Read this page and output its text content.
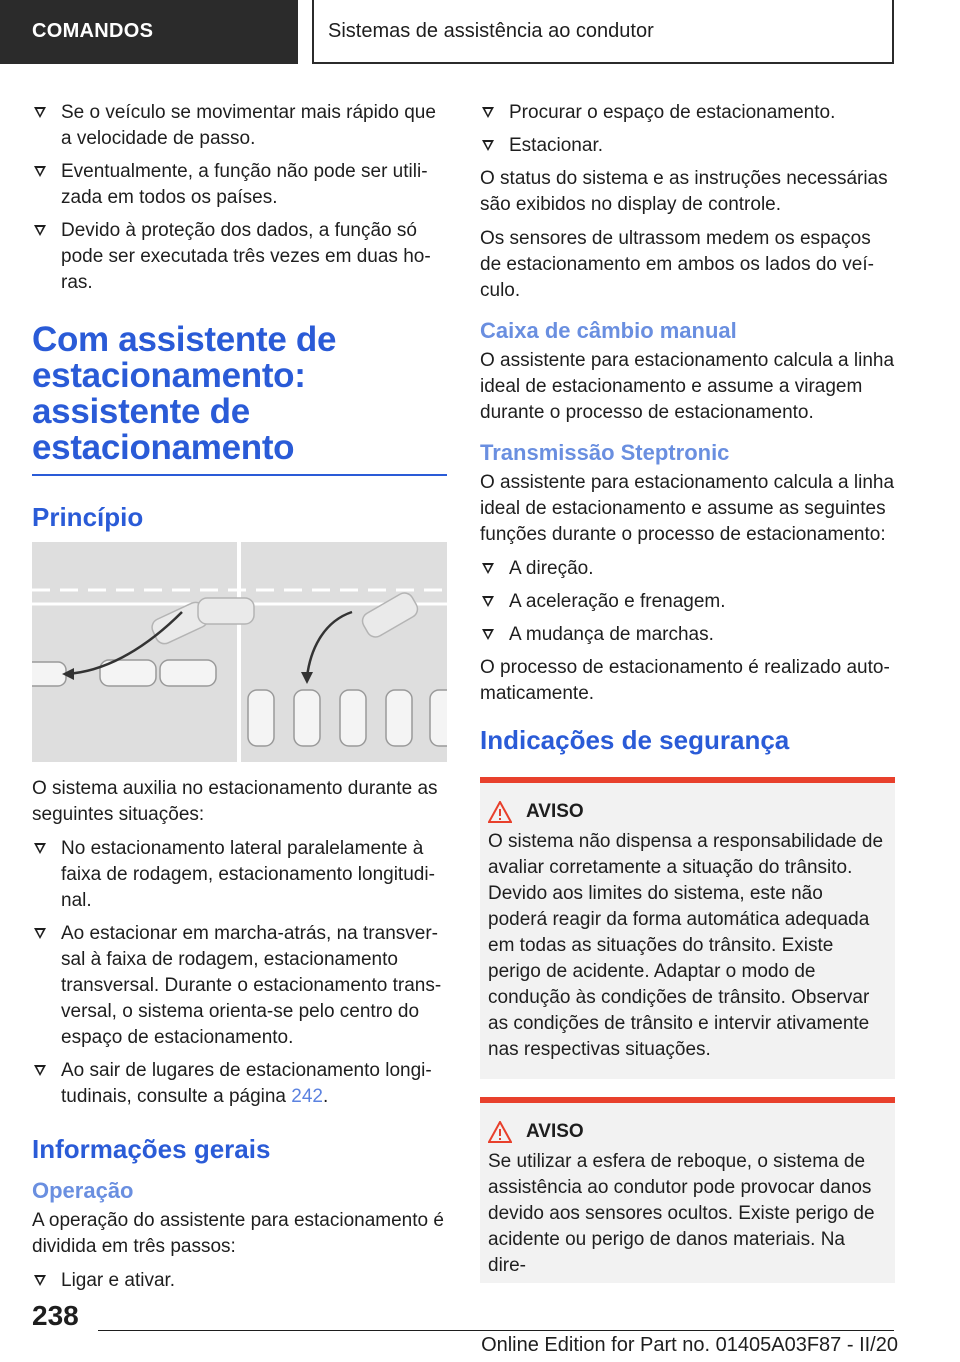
COMANDOS	Sistemas de assistência ao condutor
Se o veículo se movimentar mais rápido que a velocidade de passo.
Eventualmente, a função não pode ser utilizada em todos os países.
Devido à proteção dos dados, a função só pode ser executada três vezes em duas horas.
Com assistente de estacionamento: assistente de estacionamento
Princípio

O sistema auxilia no estacionamento durante as seguintes situações:

No estacionamento lateral paralelamente à faixa de rodagem, estacionamento longitudinal.
Ao estacionar em marcha-atrás, na transversal à faixa de rodagem, estacionamento transversal. Durante o estacionamento transversal, o sistema orienta-se pelo centro do espaço de estacionamento.
Ao sair de lugares de estacionamento longitudinais, consulte a página 242.
Informações gerais
Operação

A operação do assistente para estacionamento é dividida em três passos:

Ligar e ativar.
Procurar o espaço de estacionamento.
Estacionar.

O status do sistema e as instruções necessárias são exibidos no display de controle.

Os sensores de ultrassom medem os espaços de estacionamento em ambos os lados do veículo.

Caixa de câmbio manual

O assistente para estacionamento calcula a linha ideal de estacionamento e assume a viragem durante o processo de estacionamento.

Transmissão Steptronic

O assistente para estacionamento calcula a linha ideal de estacionamento e assume as seguintes funções durante o processo de estacionamento:

A direção.
A aceleração e frenagem.
A mudança de marchas.

O processo de estacionamento é realizado automaticamente.

Indicações de segurança
AVISO

O sistema não dispensa a responsabilidade de avaliar corretamente a situação do trânsito. Devido aos limites do sistema, este não poderá reagir da forma automática adequada em todas as situações do trânsito. Existe perigo de acidente. Adaptar o modo de condução às condições de trânsito. Observar as condições de trânsito e intervir ativamente nas respectivas situações.

AVISO

Se utilizar a esfera de reboque, o sistema de assistência ao condutor pode provocar danos devido aos sensores ocultos. Existe perigo de acidente ou perigo de danos materiais. Na dire-

238
Online Edition for Part no. 01405A03F87 - II/20
